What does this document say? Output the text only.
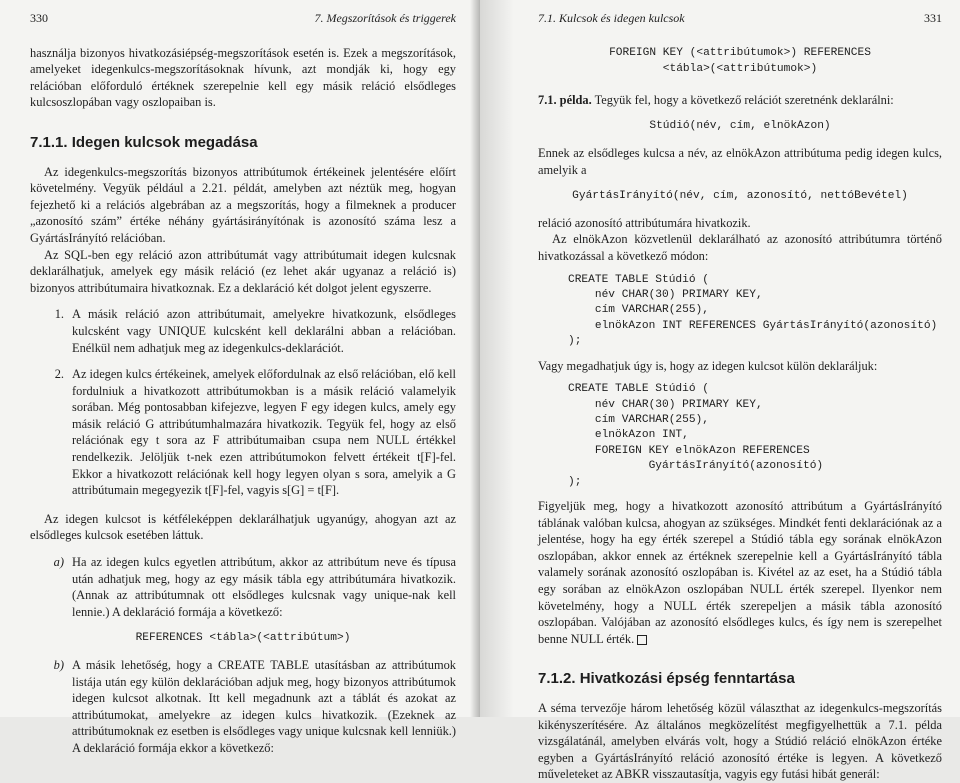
330	7. Megszorítások és triggerek

használja bizonyos hivatkozásiépség-megszorítások esetén is. Ezek a megszorítások, amelyeket idegenkulcs-megszorításoknak hívunk, azt mondják ki, hogy egy relációban előforduló értéknek szerepelnie kell egy másik reláció elsődleges kulcsoszlopában vagy oszlopaiban is.

7.1.1. Idegen kulcsok megadása

Az idegenkulcs-megszorítás bizonyos attribútumok értékeinek jelentésére előírt követelmény. Vegyük például a 2.21. példát, amelyben azt néztük meg, hogyan fejezhető ki a relációs algebrában az a megszorítás, hogy a filmeknek a producer „azonosító szám” értéke néhány gyártásirányítónak is azonosító száma lesz a GyártásIrányító relációban.

Az SQL-ben egy reláció azon attribútumát vagy attribútumait idegen kulcsnak deklarálhatjuk, amelyek egy másik reláció (ez lehet akár ugyanaz a reláció is) bizonyos attribútumaira hivatkoznak. Ez a deklaráció két dolgot jelent egyszerre.

1. A másik reláció azon attribútumait, amelyekre hivatkozunk, elsődleges kulcsként vagy UNIQUE kulcsként kell deklarálni abban a relációban. Enélkül nem adhatjuk meg az idegenkulcs-deklarációt.

2. Az idegen kulcs értékeinek, amelyek előfordulnak az első relációban, elő kell fordulniuk a hivatkozott attribútumokban is a másik reláció valamelyik sorában. Még pontosabban kifejezve, legyen F egy idegen kulcs, amely egy másik reláció G attribútumhalmazára hivatkozik. Tegyük fel, hogy az első relációnak egy t sora az F attribútumaiban csupa nem NULL értékkel rendelkezik. Jelöljük t-nek ezen attribútumokon felvett értékeit t[F]-fel. Ekkor a hivatkozott relációnak kell hogy legyen olyan s sora, amelyik a G attribútumain megegyezik t[F]-fel, vagyis s[G] = t[F].

Az idegen kulcsot is kétféleképpen deklarálhatjuk ugyanúgy, ahogyan azt az elsődleges kulcsok esetében láttuk.

a) Ha az idegen kulcs egyetlen attribútum, akkor az attribútum neve és típusa után adhatjuk meg, hogy az egy másik tábla egy attribútumára hivatkozik. (Annak az attribútumnak ott elsődleges kulcsnak vagy unique-nak kell lennie.) A deklaráció formája a következő:

REFERENCES <tábla>(<attribútum>)
b) A másik lehetőség, hogy a CREATE TABLE utasításban az attribútumok listája után egy külön deklarációban adjuk meg, hogy bizonyos attribútumok idegen kulcsot alkotnak. Itt kell megadnunk azt a táblát és azokat az attribútumokat, amelyekre az idegen kulcs hivatkozik. (Ezeknek az attribútumoknak ez esetben is elsődleges vagy unique kulcsnak kell lenniük.) A deklaráció formája ekkor a következő:

7.1. Kulcsok és idegen kulcsok	331
FOREIGN KEY (<attribútumok>) REFERENCES
<tábla>(<attribútumok>)

7.1. példa. Tegyük fel, hogy a következő relációt szeretnénk deklarálni:

Stúdió(név, cím, elnökAzon)

Ennek az elsődleges kulcsa a név, az elnökAzon attribútuma pedig idegen kulcs, amelyik a

GyártásIrányító(név, cím, azonosító, nettóBevétel)

reláció azonosító attribútumára hivatkozik.

Az elnökAzon közvetlenül deklarálható az azonosító attribútumra történő hivatkozással a következő módon:

CREATE TABLE Stúdió (
név CHAR(30) PRIMARY KEY,
cím VARCHAR(255),
elnökAzon INT REFERENCES GyártásIrányító(azonosító)
);

Vagy megadhatjuk úgy is, hogy az idegen kulcsot külön deklaráljuk:

CREATE TABLE Stúdió (
név CHAR(30) PRIMARY KEY,
cím VARCHAR(255),
elnökAzon INT,
FOREIGN KEY elnökAzon REFERENCES
GyártásIrányító(azonosító)
);

Figyeljük meg, hogy a hivatkozott azonosító attribútum a GyártásIrányító táblának valóban kulcsa, ahogyan az szükséges. Mindkét fenti deklarációnak az a jelentése, hogy ha egy érték szerepel a Stúdió tábla egy sorának elnökAzon oszlopában, akkor ennek az értéknek szerepelnie kell a GyártásIrányító tábla valamely sorának azonosító oszlopában is. Kivétel az az eset, ha a Stúdió tábla egy sorában az elnökAzon oszlopában NULL érték szerepel. Ilyenkor nem követelmény, hogy a NULL érték szerepeljen a másik tábla azonosító oszlopában. Valójában az azonosító elsődleges kulcs, és így nem is szerepelhet benne NULL érték.

7.1.2. Hivatkozási épség fenntartása

A séma tervezője három lehetőség közül választhat az idegenkulcs-megszorítás kikényszerítésére. Az általános megközelítést megfigyelhettük a 7.1. példa vizsgálatánál, amelyben elvárás volt, hogy a Stúdió reláció elnökAzon értéke egyben a GyártásIrányító reláció azonosító értéke is legyen. A következő műveleteket az ABKR visszautasítja, vagyis egy futási hibát generál:
